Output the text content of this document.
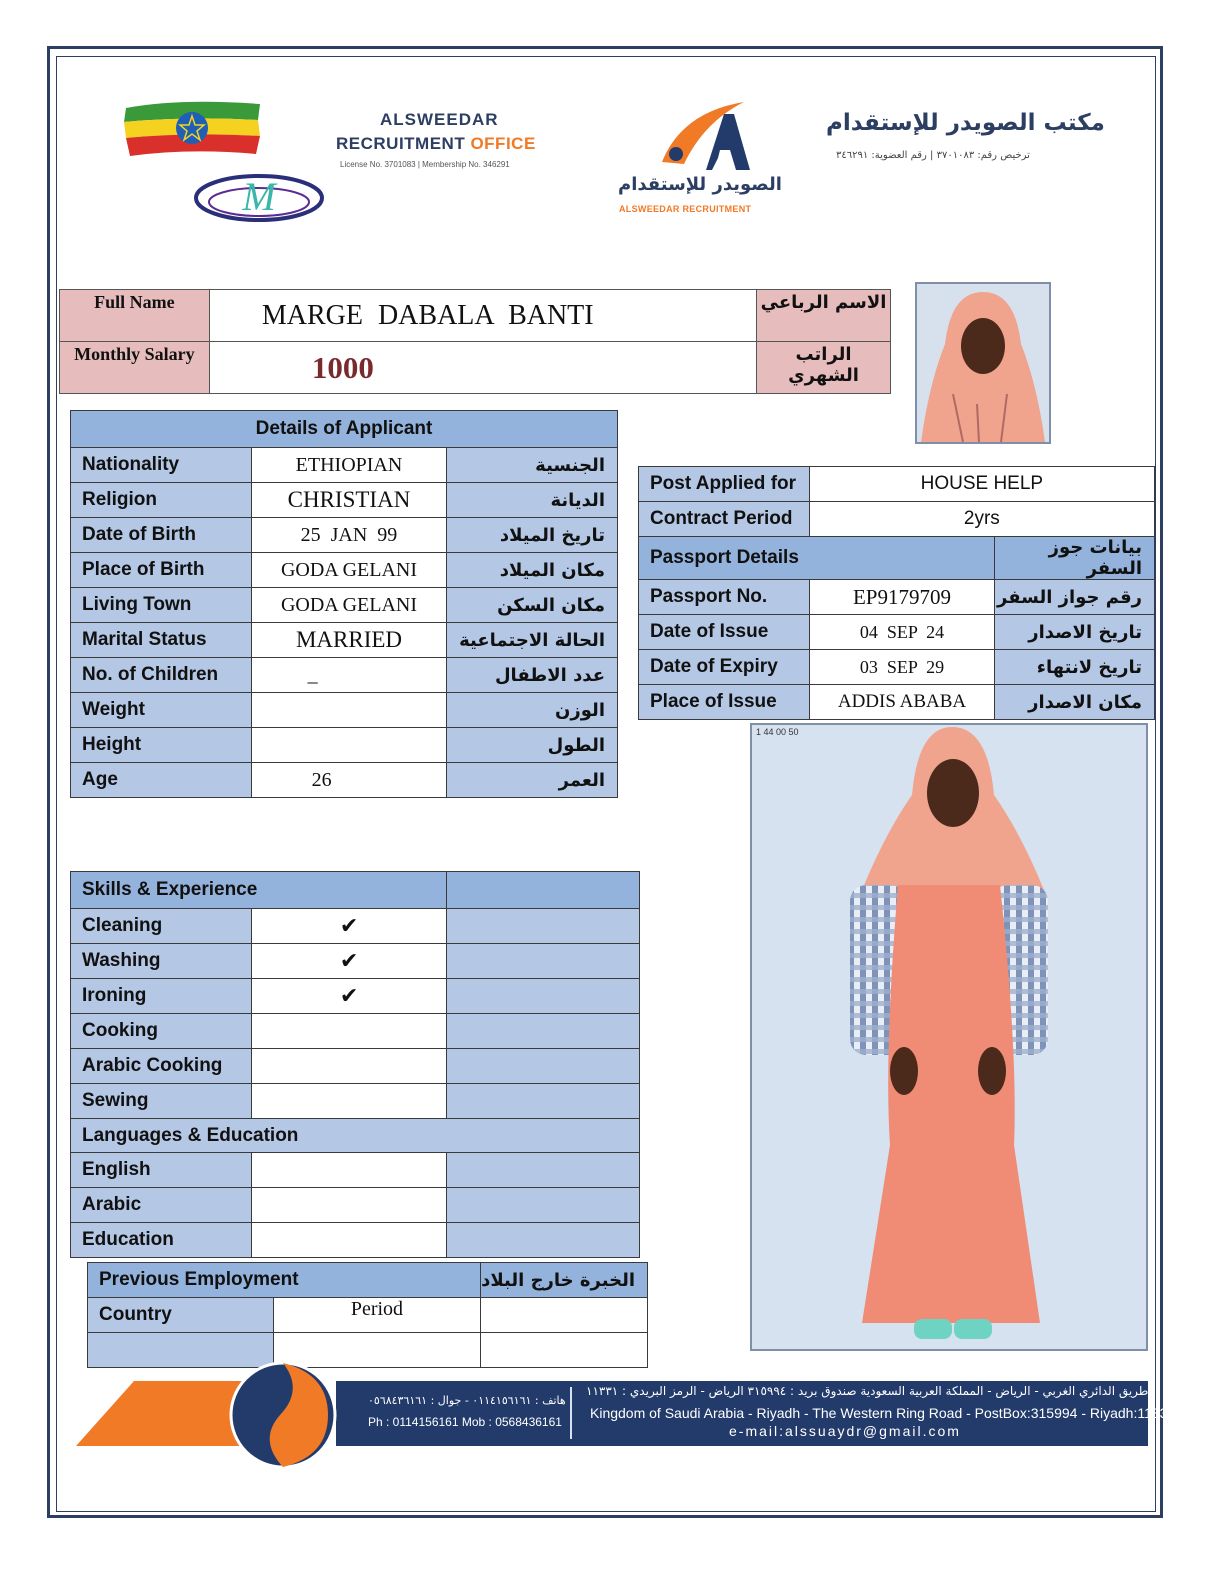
M
ALSWEEDAR
RECRUITMENT OFFICE
License No. 3701083 | Membership No. 346291
الصويدر للإستقدام
ALSWEEDAR RECRUITMENT
مكتب الصويدر للإستقدام
ترخيص رقم: ٣٧٠١٠٨٣ | رقم العضوية: ٣٤٦٢٩١
Full Name	MARGE DABALA BANTI	الاسم الرباعي
Monthly Salary	1000	الراتب الشهري
Details of Applicant		
Nationality	ETHIOPIAN	الجنسية
Religion	CHRISTIAN	الديانة
Date of Birth	25  JAN  99	تاريخ الميلاد
Place of Birth	GODA GELANI	مكان الميلاد
Living Town	GODA GELANI	مكان السكن
Marital Status	MARRIED	الحالة الاجتماعية
No. of Children	_	عدد الاطفال
Weight		الوزن
Height		الطول
Age	26	العمر
Post Applied for	HOUSE HELP	
Contract Period	2yrs	
Passport Details		بيانات جوز السفر
Passport No.	EP9179709	رقم جواز السفر
Date of Issue	04  SEP  24	تاريخ الاصدار
Date of Expiry	03  SEP  29	تاريخ لانتهاء
Place of Issue	ADDIS ABABA	مكان الاصدار
1 44 00 50
Skills & Experience		
Cleaning	✔	
Washing	✔	
Ironing	✔	
Cooking		
Arabic Cooking		
Sewing		
Languages & Education		
English		
Arabic		
Education		
Previous Employment		الخبرة خارج البلاد
Country	Period	

هاتف : ٠١١٤١٥٦١٦١ - جوال : ٠٥٦٨٤٣٦١٦١
Ph : 0114156161 Mob : 0568436161
طريق الدائري الغربي - الرياض - المملكة العربية السعودية صندوق بريد : ٣١٥٩٩٤ الرياض - الرمز البريدي : ١١٣٣١
Kingdom of Saudi Arabia - Riyadh - The Western Ring Road - PostBox:315994 - Riyadh:11331
e-mail:alssuaydr@gmail.com
